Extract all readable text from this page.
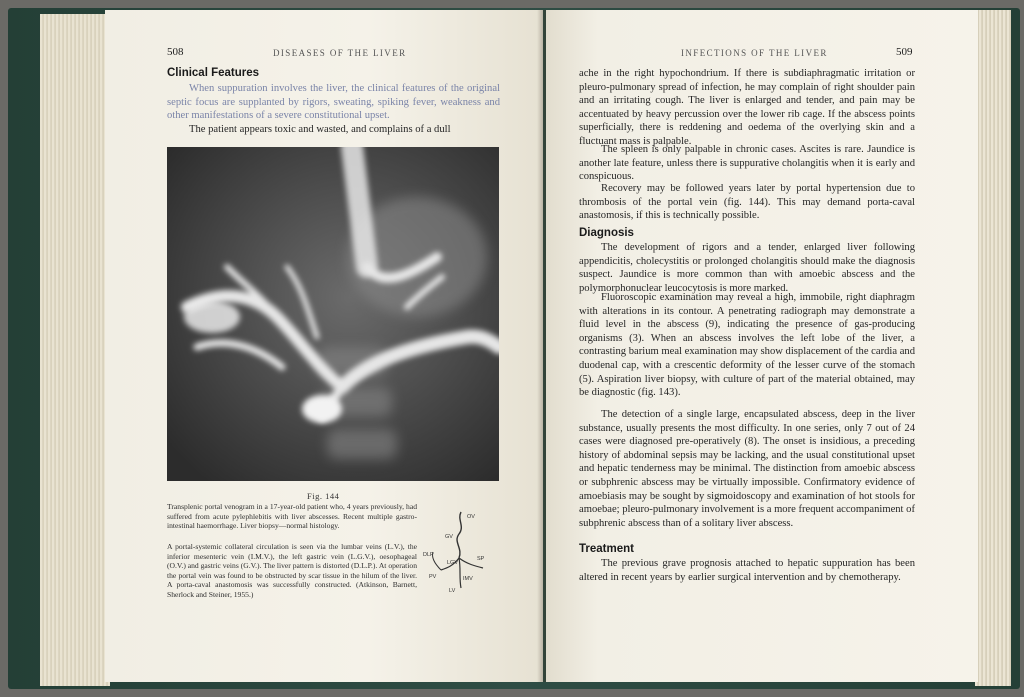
508	DISEASES OF THE LIVER
Clinical Features

When suppuration involves the liver, the clinical features of the original septic focus are supplanted by rigors, sweating, spiking fever, weakness and other manifestations of a severe constitutional upset.

The patient appears toxic and wasted, and complains of a dull

Fig. 144

Transplenic portal venogram in a 17-year-old patient who, 4 years previously, had suffered from acute pylephlebitis with liver abscesses. Recent multiple gastro-intestinal haemorrhage. Liver biopsy—normal histology.

A portal-systemic collateral circulation is seen via the lumbar veins (L.V.), the inferior mesenteric vein (I.M.V.), the left gastric vein (L.G.V.), oesophageal (O.V.) and gastric veins (G.V.). The liver pattern is distorted (D.L.P.). At operation the portal vein was found to be obstructed by scar tissue in the hilum of the liver. A porta-caval anastomosis was successfully constructed. (Atkinson, Barnett, Sherlock and Steiner, 1955.)

OV
GV
DLP
LGV
SP
PV	IMV
LV
INFECTIONS OF THE LIVER	509

ache in the right hypochondrium. If there is subdiaphragmatic irritation or pleuro-pulmonary spread of infection, he may complain of right shoulder pain and an irritating cough. The liver is enlarged and tender, and pain may be accentuated by heavy percussion over the lower rib cage. If the abscess points superficially, there is reddening and oedema of the overlying skin and a fluctuant mass is palpable.

The spleen is only palpable in chronic cases. Ascites is rare. Jaundice is another late feature, unless there is suppurative cholangitis when it is early and conspicuous.

Recovery may be followed years later by portal hypertension due to thrombosis of the portal vein (fig. 144). This may demand porta-caval anastomosis, if this is technically possible.

Diagnosis

The development of rigors and a tender, enlarged liver following appendicitis, cholecystitis or prolonged cholangitis should make the diagnosis suspect. Jaundice is more common than with amoebic abscess and the polymorphonuclear leucocytosis is more marked.

Fluoroscopic examination may reveal a high, immobile, right diaphragm with alterations in its contour. A penetrating radiograph may demonstrate a fluid level in the abscess (9), indicating the presence of gas-producing organisms (3). When an abscess involves the left lobe of the liver, a contrasting barium meal examination may show displacement of the cardia and duodenal cap, with a crescentic deformity of the lesser curve of the stomach (5). Aspiration liver biopsy, with culture of part of the material obtained, may be diagnostic (fig. 143).

The detection of a single large, encapsulated abscess, deep in the liver substance, usually presents the most difficulty. In one series, only 7 out of 24 cases were diagnosed pre-operatively (8). The onset is insidious, a preceding history of abdominal sepsis may be lacking, and the usual constitutional upset and hepatic tenderness may be minimal. The distinction from amoebic abscess or subphrenic abscess may be virtually impossible. Confirmatory evidence of amoebiasis may be sought by sigmoidoscopy and examination of hot stools for amoebae; pleuro-pulmonary involvement is a more frequent accompaniment of subphrenic abscess than of a solitary liver abscess.

Treatment

The previous grave prognosis attached to hepatic suppuration has been altered in recent years by earlier surgical intervention and by chemotherapy.
